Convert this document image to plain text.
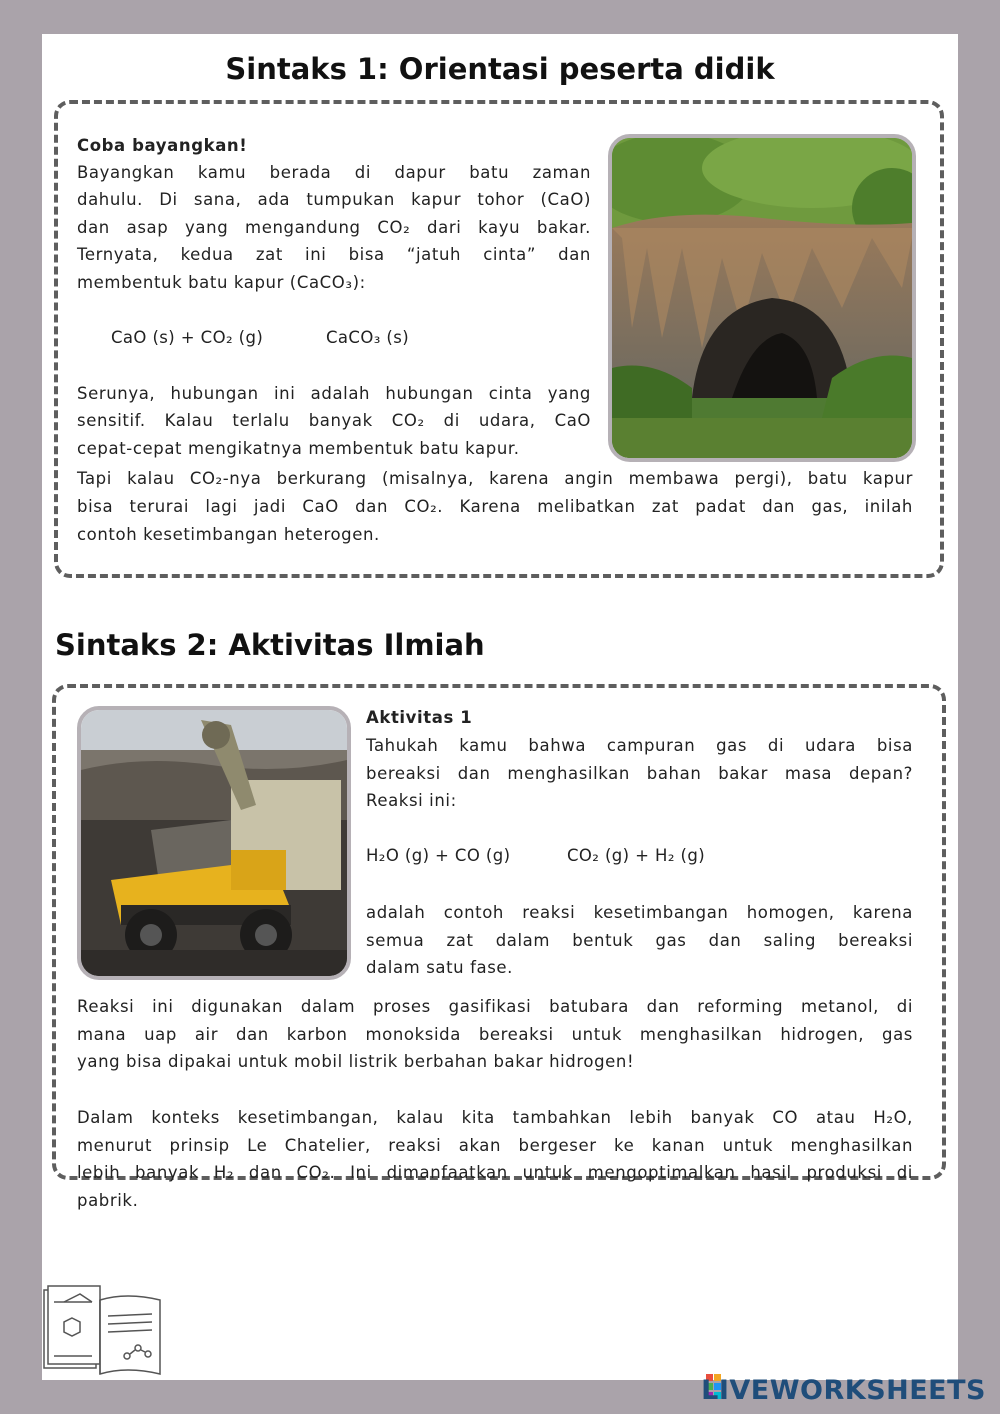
Sintaks 1: Orientasi peserta didik
Coba bayangkan!
Bayangkan kamu berada di dapur batu zaman
dahulu. Di sana, ada tumpukan kapur tohor (CaO)
dan asap yang mengandung CO₂ dari kayu bakar.
Ternyata, kedua zat ini bisa “jatuh cinta” dan
membentuk batu kapur (CaCO₃):
CaO (s) + CO₂ (g)	CaCO₃ (s)
Serunya, hubungan ini adalah hubungan cinta yang
sensitif. Kalau terlalu banyak CO₂ di udara, CaO
cepat-cepat mengikatnya membentuk batu kapur.
Tapi kalau CO₂-nya berkurang (misalnya, karena angin membawa pergi), batu kapur
bisa terurai lagi jadi CaO dan CO₂. Karena melibatkan zat padat dan gas, inilah
contoh kesetimbangan heterogen.
Sintaks 2: Aktivitas Ilmiah
Aktivitas 1
Tahukah kamu bahwa campuran gas di udara bisa
bereaksi dan menghasilkan bahan bakar masa depan?
Reaksi ini:
H₂O (g) + CO (g)	CO₂ (g) + H₂ (g)
adalah contoh reaksi kesetimbangan homogen, karena
semua zat dalam bentuk gas dan saling bereaksi
dalam satu fase.
Reaksi ini digunakan dalam proses gasifikasi batubara dan reforming metanol, di
mana uap air dan karbon monoksida bereaksi untuk menghasilkan hidrogen, gas
yang bisa dipakai untuk mobil listrik berbahan bakar hidrogen!
Dalam konteks kesetimbangan, kalau kita tambahkan lebih banyak CO atau H₂O,
menurut prinsip Le Chatelier, reaksi akan bergeser ke kanan untuk menghasilkan
lebih banyak H₂ dan CO₂. Ini dimanfaatkan untuk mengoptimalkan hasil produksi di
pabrik.
LIVEWORKSHEETS
